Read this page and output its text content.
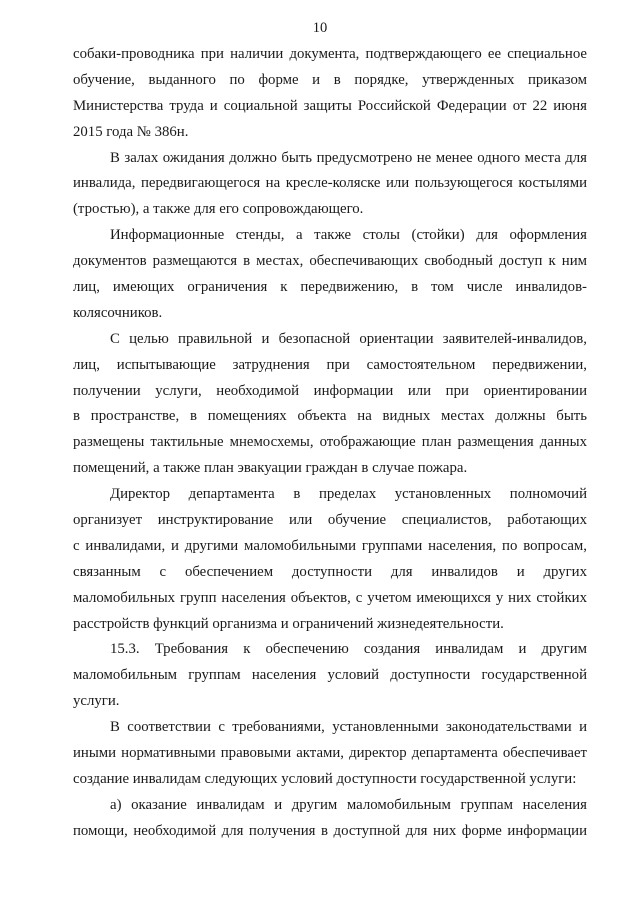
10
собаки-проводника при наличии документа, подтверждающего ее специальное
обучение, выданного по форме и в порядке, утвержденных приказом
Министерства труда и социальной защиты Российской Федерации от 22 июня
2015 года № 386н.
В залах ожидания должно быть предусмотрено не менее одного места для
инвалида, передвигающегося на кресле-коляске или пользующегося костылями
(тростью), а также для его сопровождающего.
Информационные стенды, а также столы (стойки) для оформления
документов размещаются в местах, обеспечивающих свободный доступ к ним
лиц, имеющих ограничения к передвижению, в том числе инвалидов-
колясочников.
С целью правильной и безопасной ориентации заявителей-инвалидов,
лиц, испытывающие затруднения при самостоятельном передвижении,
получении услуги, необходимой информации или при ориентировании
в пространстве, в помещениях объекта на видных местах должны быть
размещены тактильные мнемосхемы, отображающие план размещения данных
помещений, а также план эвакуации граждан в случае пожара.
Директор департамента в пределах установленных полномочий
организует инструктирование или обучение специалистов, работающих
с инвалидами, и другими маломобильными группами населения, по вопросам,
связанным с обеспечением доступности для инвалидов и других
маломобильных групп населения объектов, с учетом имеющихся у них стойких
расстройств функций организма и ограничений жизнедеятельности.
15.3. Требования к обеспечению создания инвалидам и другим
маломобильным группам населения условий доступности государственной
услуги.
В соответствии с требованиями, установленными законодательствами и
иными нормативными правовыми актами, директор департамента обеспечивает
создание инвалидам следующих условий доступности государственной услуги:
а) оказание инвалидам и другим маломобильным группам населения
помощи, необходимой для получения в доступной для них форме информации
